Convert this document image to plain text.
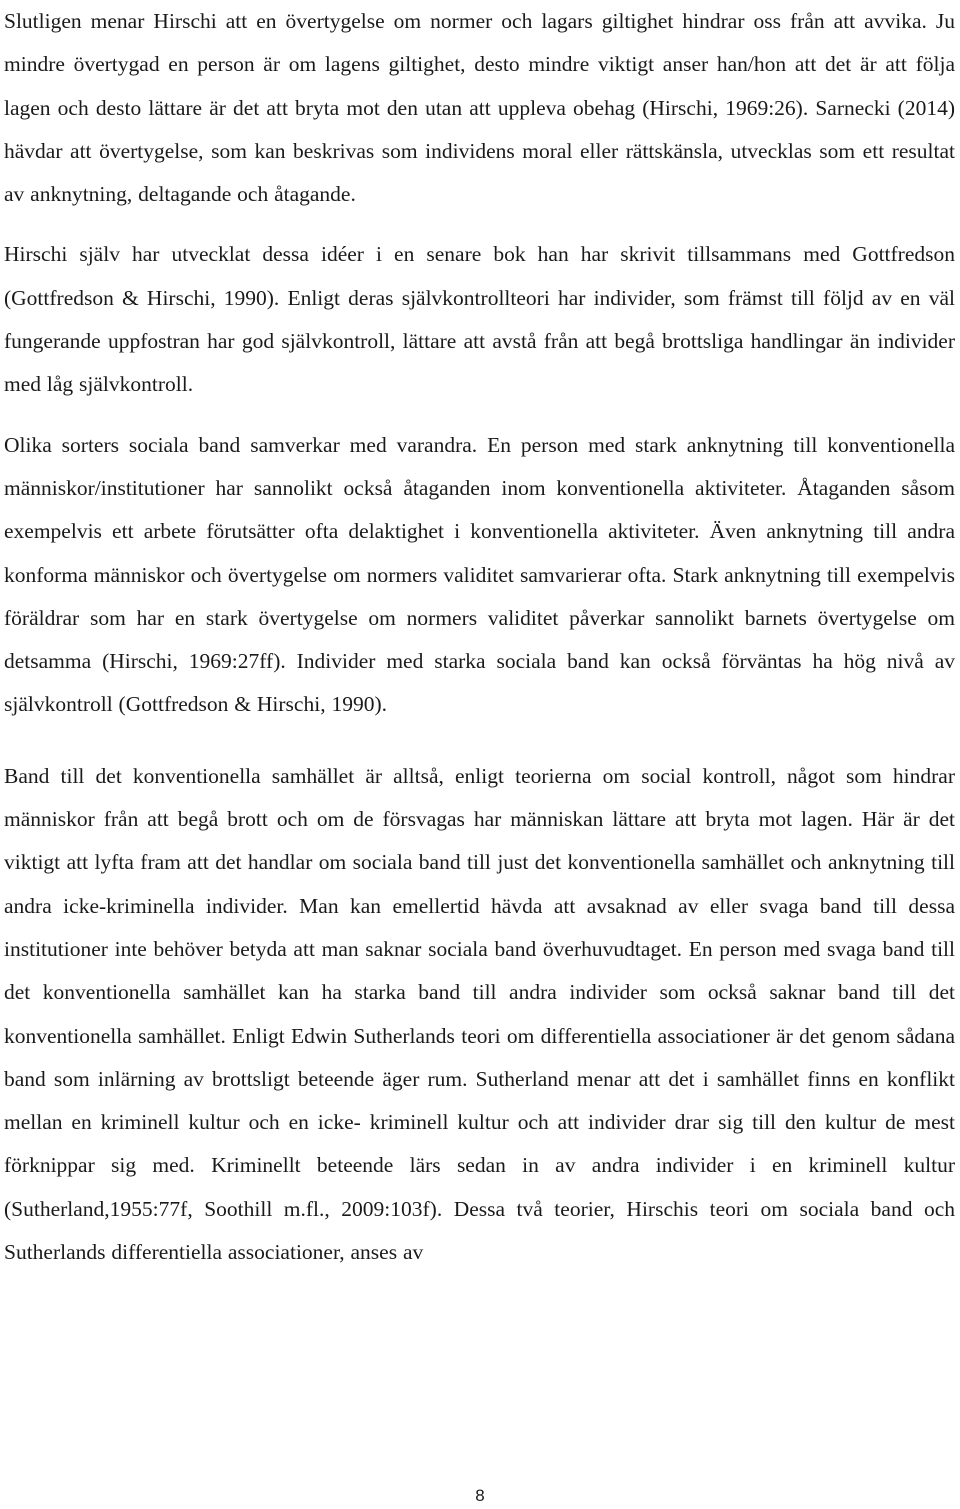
Slutligen menar Hirschi att en övertygelse om normer och lagars giltighet hindrar oss från att avvika. Ju mindre övertygad en person är om lagens giltighet, desto mindre viktigt anser han/hon att det är att följa lagen och desto lättare är det att bryta mot den utan att uppleva obehag (Hirschi, 1969:26). Sarnecki (2014) hävdar att övertygelse, som kan beskrivas som individens moral eller rättskänsla, utvecklas som ett resultat av anknytning, deltagande och åtagande.

Hirschi själv har utvecklat dessa idéer i en senare bok han har skrivit tillsammans med Gottfredson (Gottfredson & Hirschi, 1990). Enligt deras självkontrollteori har individer, som främst till följd av en väl fungerande uppfostran har god självkontroll, lättare att avstå från att begå brottsliga handlingar än individer med låg självkontroll.

Olika sorters sociala band samverkar med varandra. En person med stark anknytning till konventionella människor/institutioner har sannolikt också åtaganden inom konventionella aktiviteter. Åtaganden såsom exempelvis ett arbete förutsätter ofta delaktighet i konventionella aktiviteter. Även anknytning till andra konforma människor och övertygelse om normers validitet samvarierar ofta. Stark anknytning till exempelvis föräldrar som har en stark övertygelse om normers validitet påverkar sannolikt barnets övertygelse om detsamma (Hirschi, 1969:27ff). Individer med starka sociala band kan också förväntas ha hög nivå av självkontroll (Gottfredson & Hirschi, 1990).

Band till det konventionella samhället är alltså, enligt teorierna om social kontroll, något som hindrar människor från att begå brott och om de försvagas har människan lättare att bryta mot lagen. Här är det viktigt att lyfta fram att det handlar om sociala band till just det konventionella samhället och anknytning till andra icke-kriminella individer. Man kan emellertid hävda att avsaknad av eller svaga band till dessa institutioner inte behöver betyda att man saknar sociala band överhuvudtaget. En person med svaga band till det konventionella samhället kan ha starka band till andra individer som också saknar band till det konventionella samhället. Enligt Edwin Sutherlands teori om differentiella associationer är det genom sådana band som inlärning av brottsligt beteende äger rum. Sutherland menar att det i samhället finns en konflikt mellan en kriminell kultur och en icke- kriminell kultur och att individer drar sig till den kultur de mest förknippar sig med. Kriminellt beteende lärs sedan in av andra individer i en kriminell kultur (Sutherland,1955:77f, Soothill m.fl., 2009:103f). Dessa två teorier, Hirschis teori om sociala band och Sutherlands differentiella associationer, anses av

8
